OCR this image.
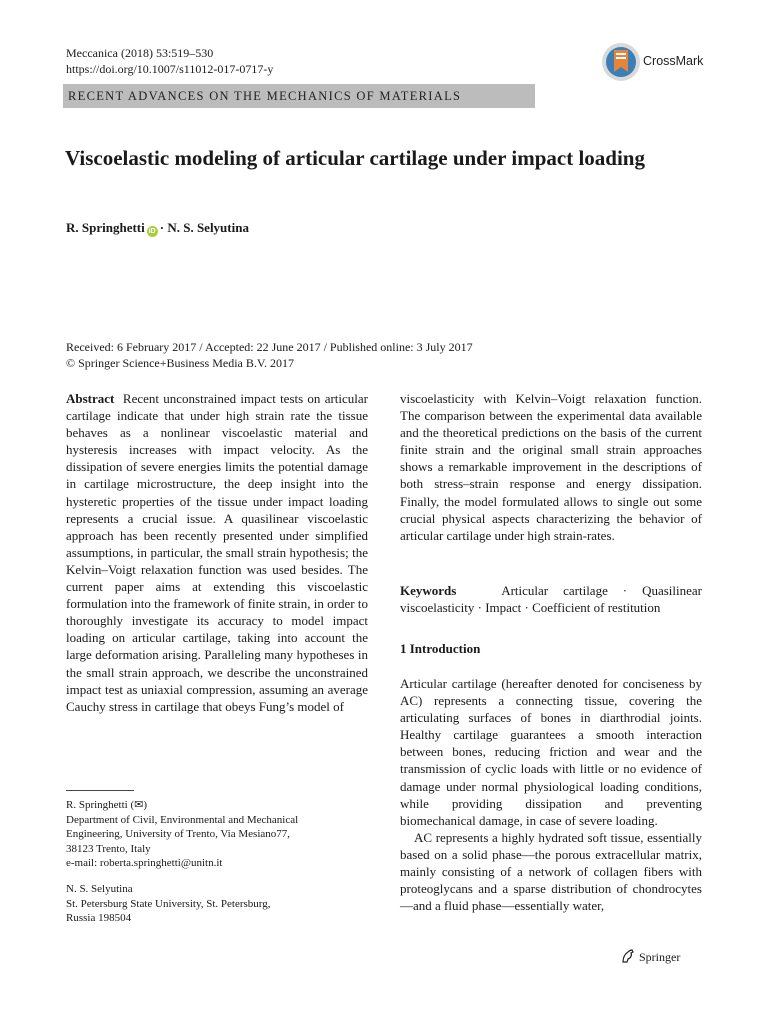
Meccanica (2018) 53:519–530
https://doi.org/10.1007/s11012-017-0717-y
CrossMark
RECENT ADVANCES ON THE MECHANICS OF MATERIALS
Viscoelastic modeling of articular cartilage under impact loading
R. Springhetti iD · N. S. Selyutina
Received: 6 February 2017 / Accepted: 22 June 2017 / Published online: 3 July 2017
© Springer Science+Business Media B.V. 2017
Abstract Recent unconstrained impact tests on articular cartilage indicate that under high strain rate the tissue behaves as a nonlinear viscoelastic material and hysteresis increases with impact velocity. As the dissipation of severe energies limits the potential damage in cartilage microstructure, the deep insight into the hysteretic properties of the tissue under impact loading represents a crucial issue. A quasilinear viscoelastic approach has been recently presented under simplified assumptions, in particular, the small strain hypothesis; the Kelvin–Voigt relaxation function was used besides. The current paper aims at extending this viscoelastic formulation into the framework of finite strain, in order to thoroughly investigate its accuracy to model impact loading on articular cartilage, taking into account the large deformation arising. Paralleling many hypotheses in the small strain approach, we describe the unconstrained impact test as uniaxial compression, assuming an average Cauchy stress in cartilage that obeys Fung’s model of
viscoelasticity with Kelvin–Voigt relaxation function. The comparison between the experimental data available and the theoretical predictions on the basis of the current finite strain and the original small strain approaches shows a remarkable improvement in the descriptions of both stress–strain response and energy dissipation. Finally, the model formulated allows to single out some crucial physical aspects characterizing the behavior of articular cartilage under high strain-rates.
Keywords	Articular cartilage · Quasilinear viscoelasticity · Impact · Coefficient of restitution
1 Introduction
Articular cartilage (hereafter denoted for conciseness by AC) represents a connecting tissue, covering the articulating surfaces of bones in diarthrodial joints. Healthy cartilage guarantees a smooth interaction between bones, reducing friction and wear and the transmission of cyclic loads with little or no evidence of damage under normal physiological loading conditions, while providing dissipation and preventing biomechanical damage, in case of severe loading.
AC represents a highly hydrated soft tissue, essentially based on a solid phase—the porous extracellular matrix, mainly consisting of a network of collagen fibers with proteoglycans and a sparse distribution of chondrocytes—and a fluid phase—essentially water,
R. Springhetti (✉)
Department of Civil, Environmental and Mechanical
Engineering, University of Trento, Via Mesiano77,
38123 Trento, Italy
e-mail: roberta.springhetti@unitn.it
N. S. Selyutina
St. Petersburg State University, St. Petersburg,
Russia 198504
Springer
